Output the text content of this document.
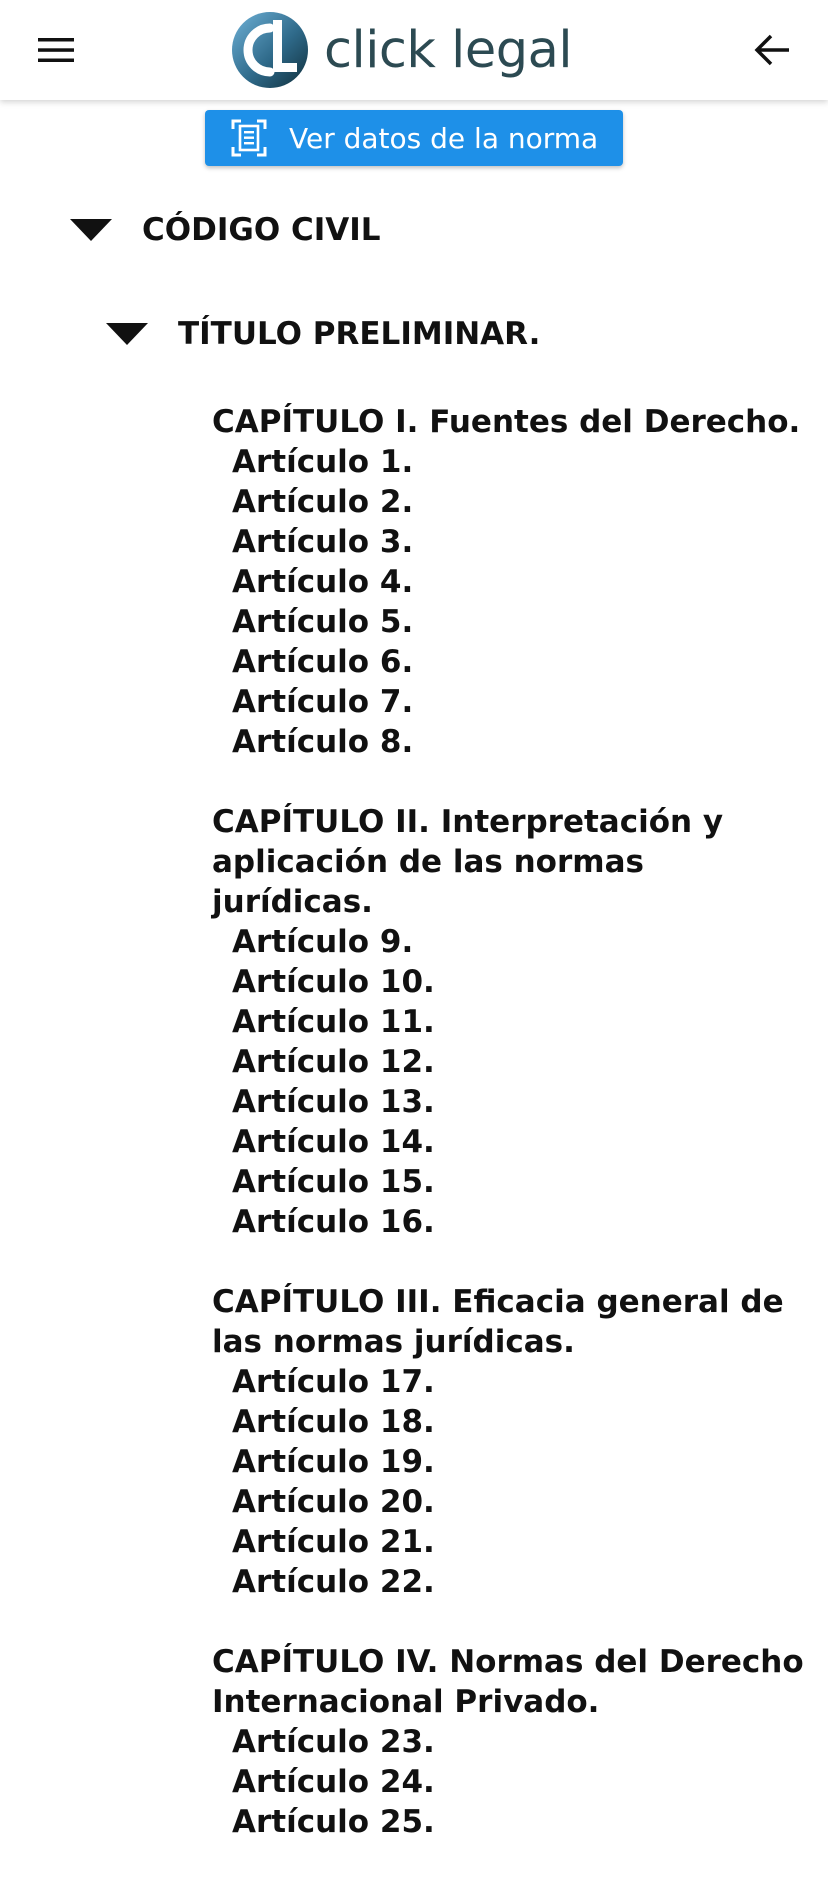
click legal
Ver datos de la norma
CÓDIGO CIVIL
TÍTULO PRELIMINAR.
CAPÍTULO I. Fuentes del Derecho.
Artículo 1.
Artículo 2.
Artículo 3.
Artículo 4.
Artículo 5.
Artículo 6.
Artículo 7.
Artículo 8.
CAPÍTULO II. Interpretación y aplicación de las normas jurídicas.
Artículo 9.
Artículo 10.
Artículo 11.
Artículo 12.
Artículo 13.
Artículo 14.
Artículo 15.
Artículo 16.
CAPÍTULO III. Eficacia general de las normas jurídicas.
Artículo 17.
Artículo 18.
Artículo 19.
Artículo 20.
Artículo 21.
Artículo 22.
CAPÍTULO IV. Normas del Derecho Internacional Privado.
Artículo 23.
Artículo 24.
Artículo 25.
